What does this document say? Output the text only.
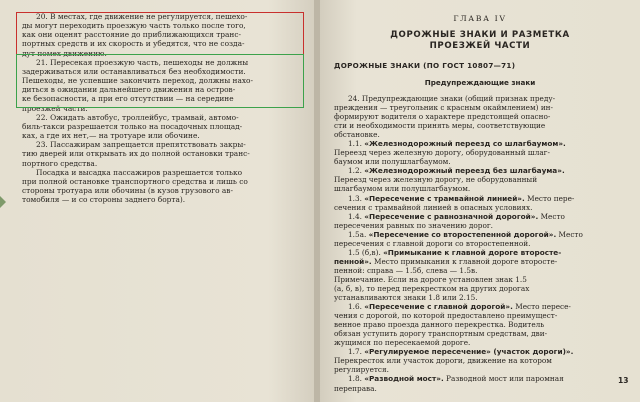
20. В местах, где движение не регулируется, пешехо-
ды могут переходить проезжую часть только после того,
как они оценят расстояние до приближающихся транс-
портных средств и их скорость и убедятся, что не созда-
дут помех движению.
21. Пересекая проезжую часть, пешеходы не должны
задерживаться или останавливаться без необходимости.
Пешеходы, не успевшие закончить переход, должны нахо-
диться в ожидании дальнейшего движения на остров-
ке безопасности, а при его отсутствии — на середине
проезжей части.
22. Ожидать автобус, троллейбус, трамвай, автомо-
биль-такси разрешается только на посадочных площад-
ках, а где их нет,— на тротуаре или обочине.
23. Пассажирам запрещается препятствовать закры-
тию дверей или открывать их до полной остановки транс-
портного средства.
Посадка и высадка пассажиров разрешается только
при полной остановке транспортного средства и лишь со
стороны тротуара или обочины (в кузов грузового ав-
томобиля — и со стороны заднего борта).
ГЛАВА IV
ДОРОЖНЫЕ ЗНАКИ И РАЗМЕТКА
ПРОЕЗЖЕЙ ЧАСТИ
ДОРОЖНЫЕ ЗНАКИ (ПО ГОСТ 10807—71)
Предупреждающие знаки
24. Предупреждающие знаки (общий признак преду-
преждения — треугольник с красным окаймлением) ин-
формируют водителя о характере предстоящей опасно-
сти и необходимости принять меры, соответствующие
обстановке.
1.1. «Железнодорожный переезд со шлагбаумом».
Переезд через железную дорогу, оборудованный шлаг-
баумом или полушлагбаумом.
1.2. «Железнодорожный переезд без шлагбаума».
Переезд через железную дорогу, не оборудованный
шлагбаумом или полушлагбаумом.
1.3. «Пересечение с трамвайной линией». Место пере-
сечения с трамвайной линией в опасных условиях.
1.4. «Пересечение с равнозначной дорогой». Место
пересечения равных по значению дорог.
1.5а. «Пересечение со второстепенной дорогой». Место
пересечения с главной дороги со второстепенной.
1.5 (б,в). «Примыкание к главной дороге второсте-
пенной». Место примыкания к главной дороге второсте-
пенной: справа — 1.5б, слева — 1.5в.
Примечание. Если на дороге установлен знак 1.5
(а, б, в), то перед перекрестком на других дорогах
устанавливаются знаки 1.8 или 2.15.
1.6. «Пересечение с главной дорогой». Место пересе-
чения с дорогой, по которой предоставлено преимущест-
венное право проезда данного перекрестка. Водитель
обязан уступить дорогу транспортным средствам, дви-
жущимся по пересекаемой дороге.
1.7. «Регулируемое пересечение» (участок дороги)».
Перекресток или участок дороги, движение на котором
регулируется.
1.8. «Разводной мост». Разводной мост или паромная
переправа.
13
